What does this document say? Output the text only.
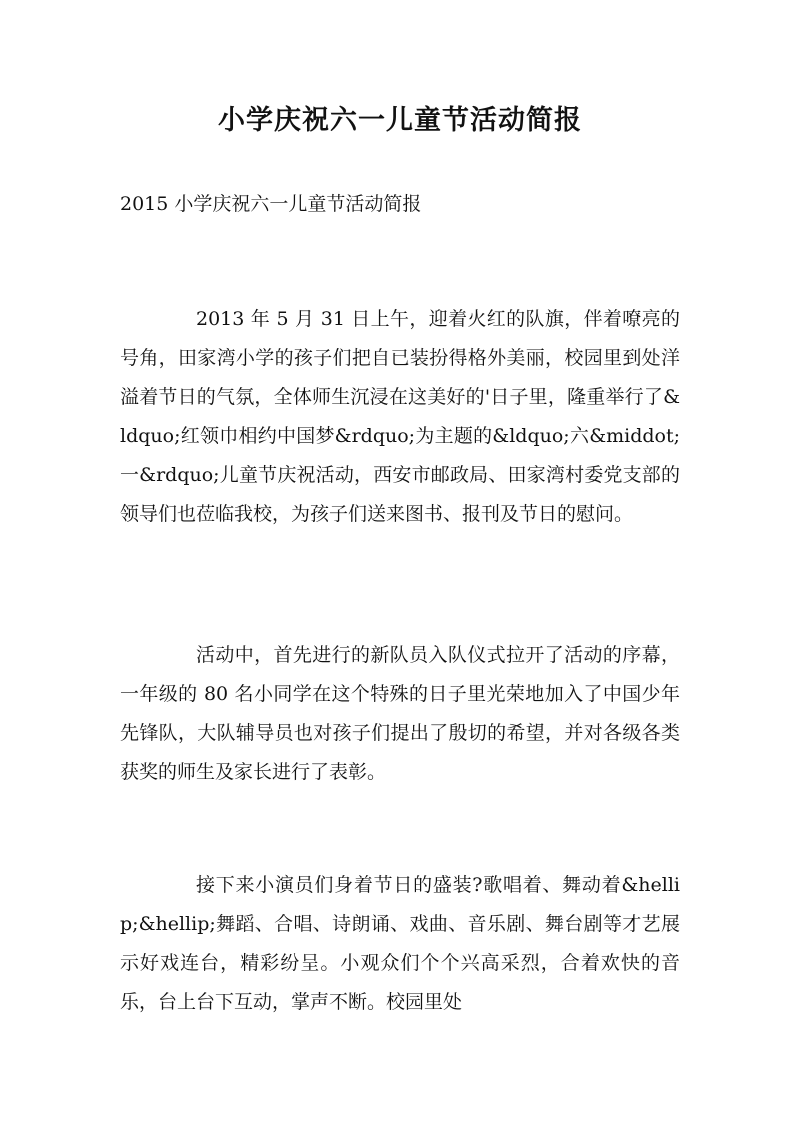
小学庆祝六一儿童节活动简报

2015 小学庆祝六一儿童节活动简报

2013 年 5 月 31 日上午，迎着火红的队旗，伴着嘹亮的号角，田家湾小学的孩子们把自已装扮得格外美丽，校园里到处洋溢着节日的气氛，全体师生沉浸在这美好的'日子里，隆重举行了&ldquo;红领巾相约中国梦&rdquo;为主题的&ldquo;六&middot;一&rdquo;儿童节庆祝活动，西安市邮政局、田家湾村委党支部的领导们也莅临我校，为孩子们送来图书、报刊及节日的慰问。

活动中，首先进行的新队员入队仪式拉开了活动的序幕，一年级的 80 名小同学在这个特殊的日子里光荣地加入了中国少年先锋队，大队辅导员也对孩子们提出了殷切的希望，并对各级各类获奖的师生及家长进行了表彰。

接下来小演员们身着节日的盛装?歌唱着、舞动着&hellip;&hellip;舞蹈、合唱、诗朗诵、戏曲、音乐剧、舞台剧等才艺展示好戏连台，精彩纷呈。小观众们个个兴高采烈，合着欢快的音乐，台上台下互动，掌声不断。校园里处
